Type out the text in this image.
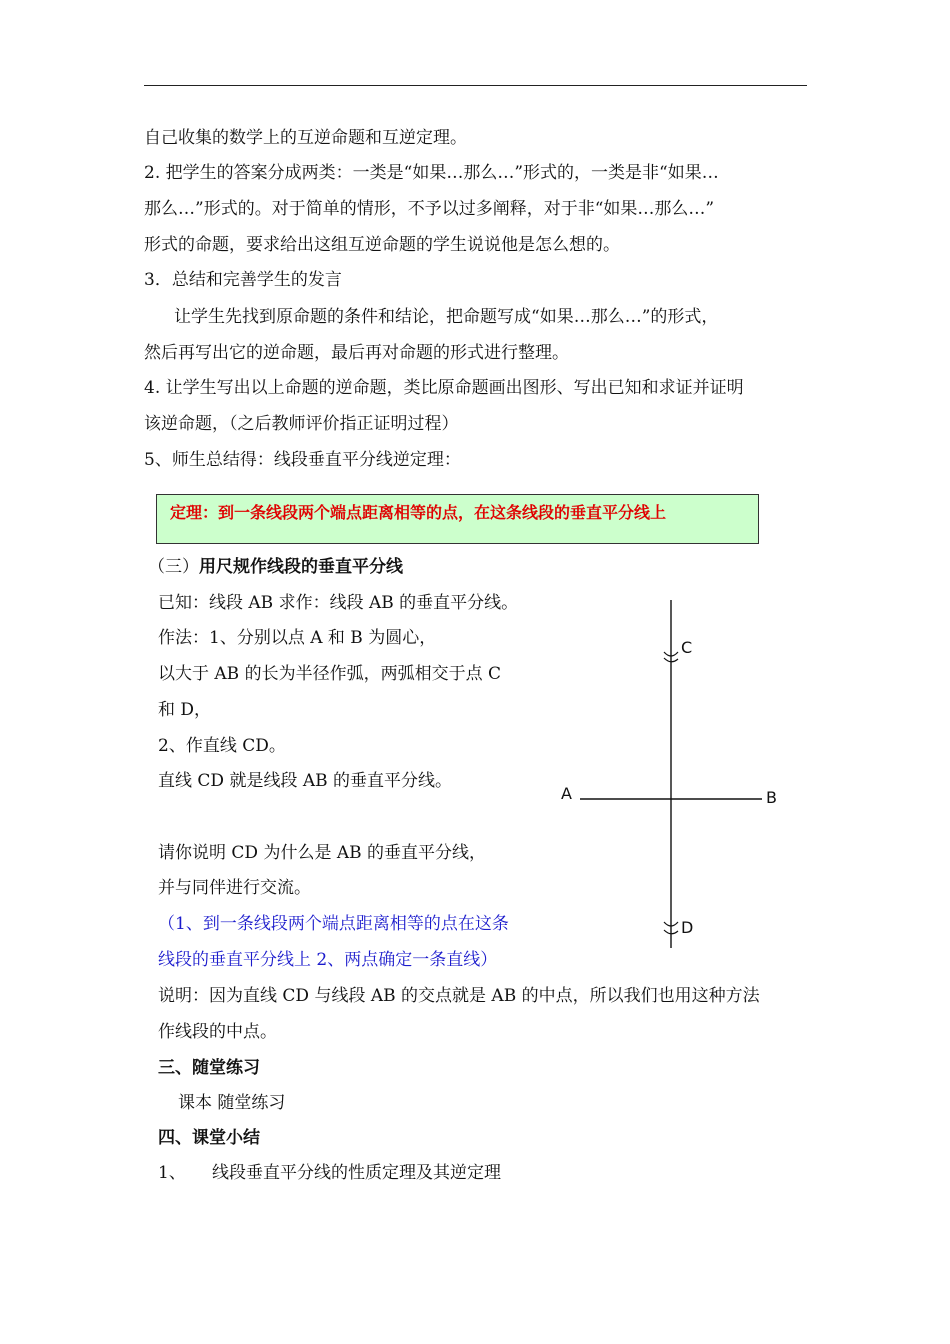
自己收集的数学上的互逆命题和互逆定理。
2. 把学生的答案分成两类：一类是“如果…那么…”形式的，一类是非“如果…
那么…”形式的。对于简单的情形，不予以过多阐释，对于非“如果…那么…”
形式的命题，要求给出这组互逆命题的学生说说他是怎么想的。
3．总结和完善学生的发言
让学生先找到原命题的条件和结论，把命题写成“如果…那么…”的形式，
然后再写出它的逆命题，最后再对命题的形式进行整理。
4. 让学生写出以上命题的逆命题，类比原命题画出图形、写出已知和求证并证明
该逆命题，（之后教师评价指正证明过程）
5、师生总结得：线段垂直平分线逆定理：
定理：到一条线段两个端点距离相等的点，在这条线段的垂直平分线上
（三）用尺规作线段的垂直平分线
已知：线段 AB 求作：线段 AB 的垂直平分线。
作法：1、分别以点 A 和 B 为圆心，
以大于 AB 的长为半径作弧，两弧相交于点 C
和 D，
2、作直线 CD。
直线 CD 就是线段 AB 的垂直平分线。
请你说明 CD 为什么是 AB 的垂直平分线，
并与同伴进行交流。
（1、到一条线段两个端点距离相等的点在这条
线段的垂直平分线上 2、两点确定一条直线）
说明：因为直线 CD 与线段 AB 的交点就是 AB 的中点，所以我们也用这种方法
作线段的中点。
三、随堂练习
课本 随堂练习
四、课堂小结
1、 线段垂直平分线的性质定理及其逆定理
C
D
A	B
